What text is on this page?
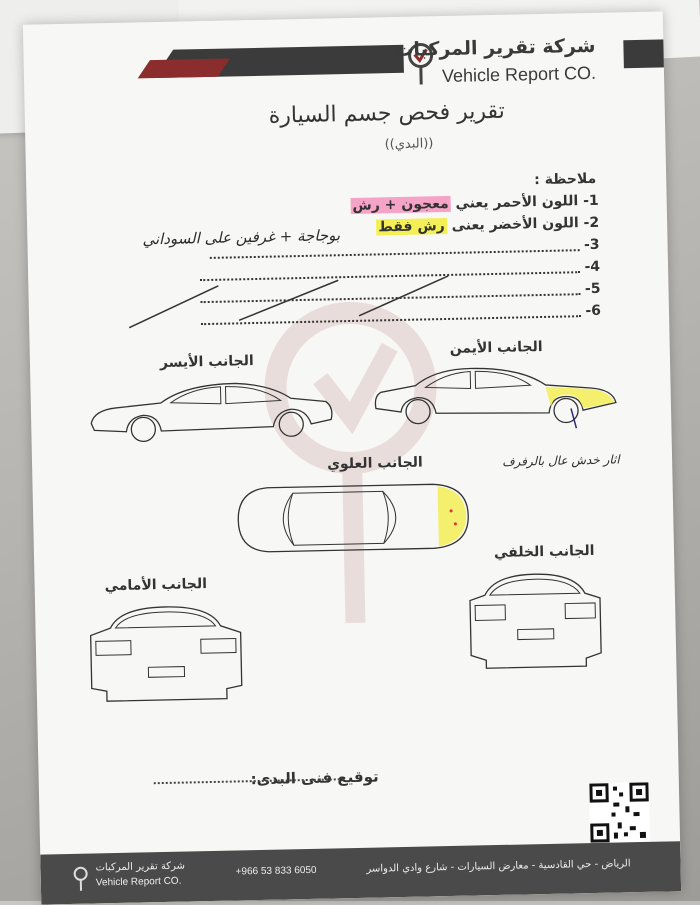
شركة تقرير المركبات
Vehicle Report CO.
تقرير فحص جسم السيارة
((البدي))
ملاحظة :
1- اللون الأحمر يعني معجون + رش
2- اللون الأخضر يعنى رش فقط
3-
بوجاجة + غرفين على السوداني
4-
5-
6-
الجانب الأيسر
الجانب الأيمن
الجانب العلوي
الجانب الخلفي
الجانب الأمامي
اثار خدش عال بالرفرف
توقيع فنى البدى:
شركة تقرير المركبات
Vehicle Report CO.
+966 53 833 6050	الرياض - حي القادسية - معارض السيارات - شارع وادي الدواسر
